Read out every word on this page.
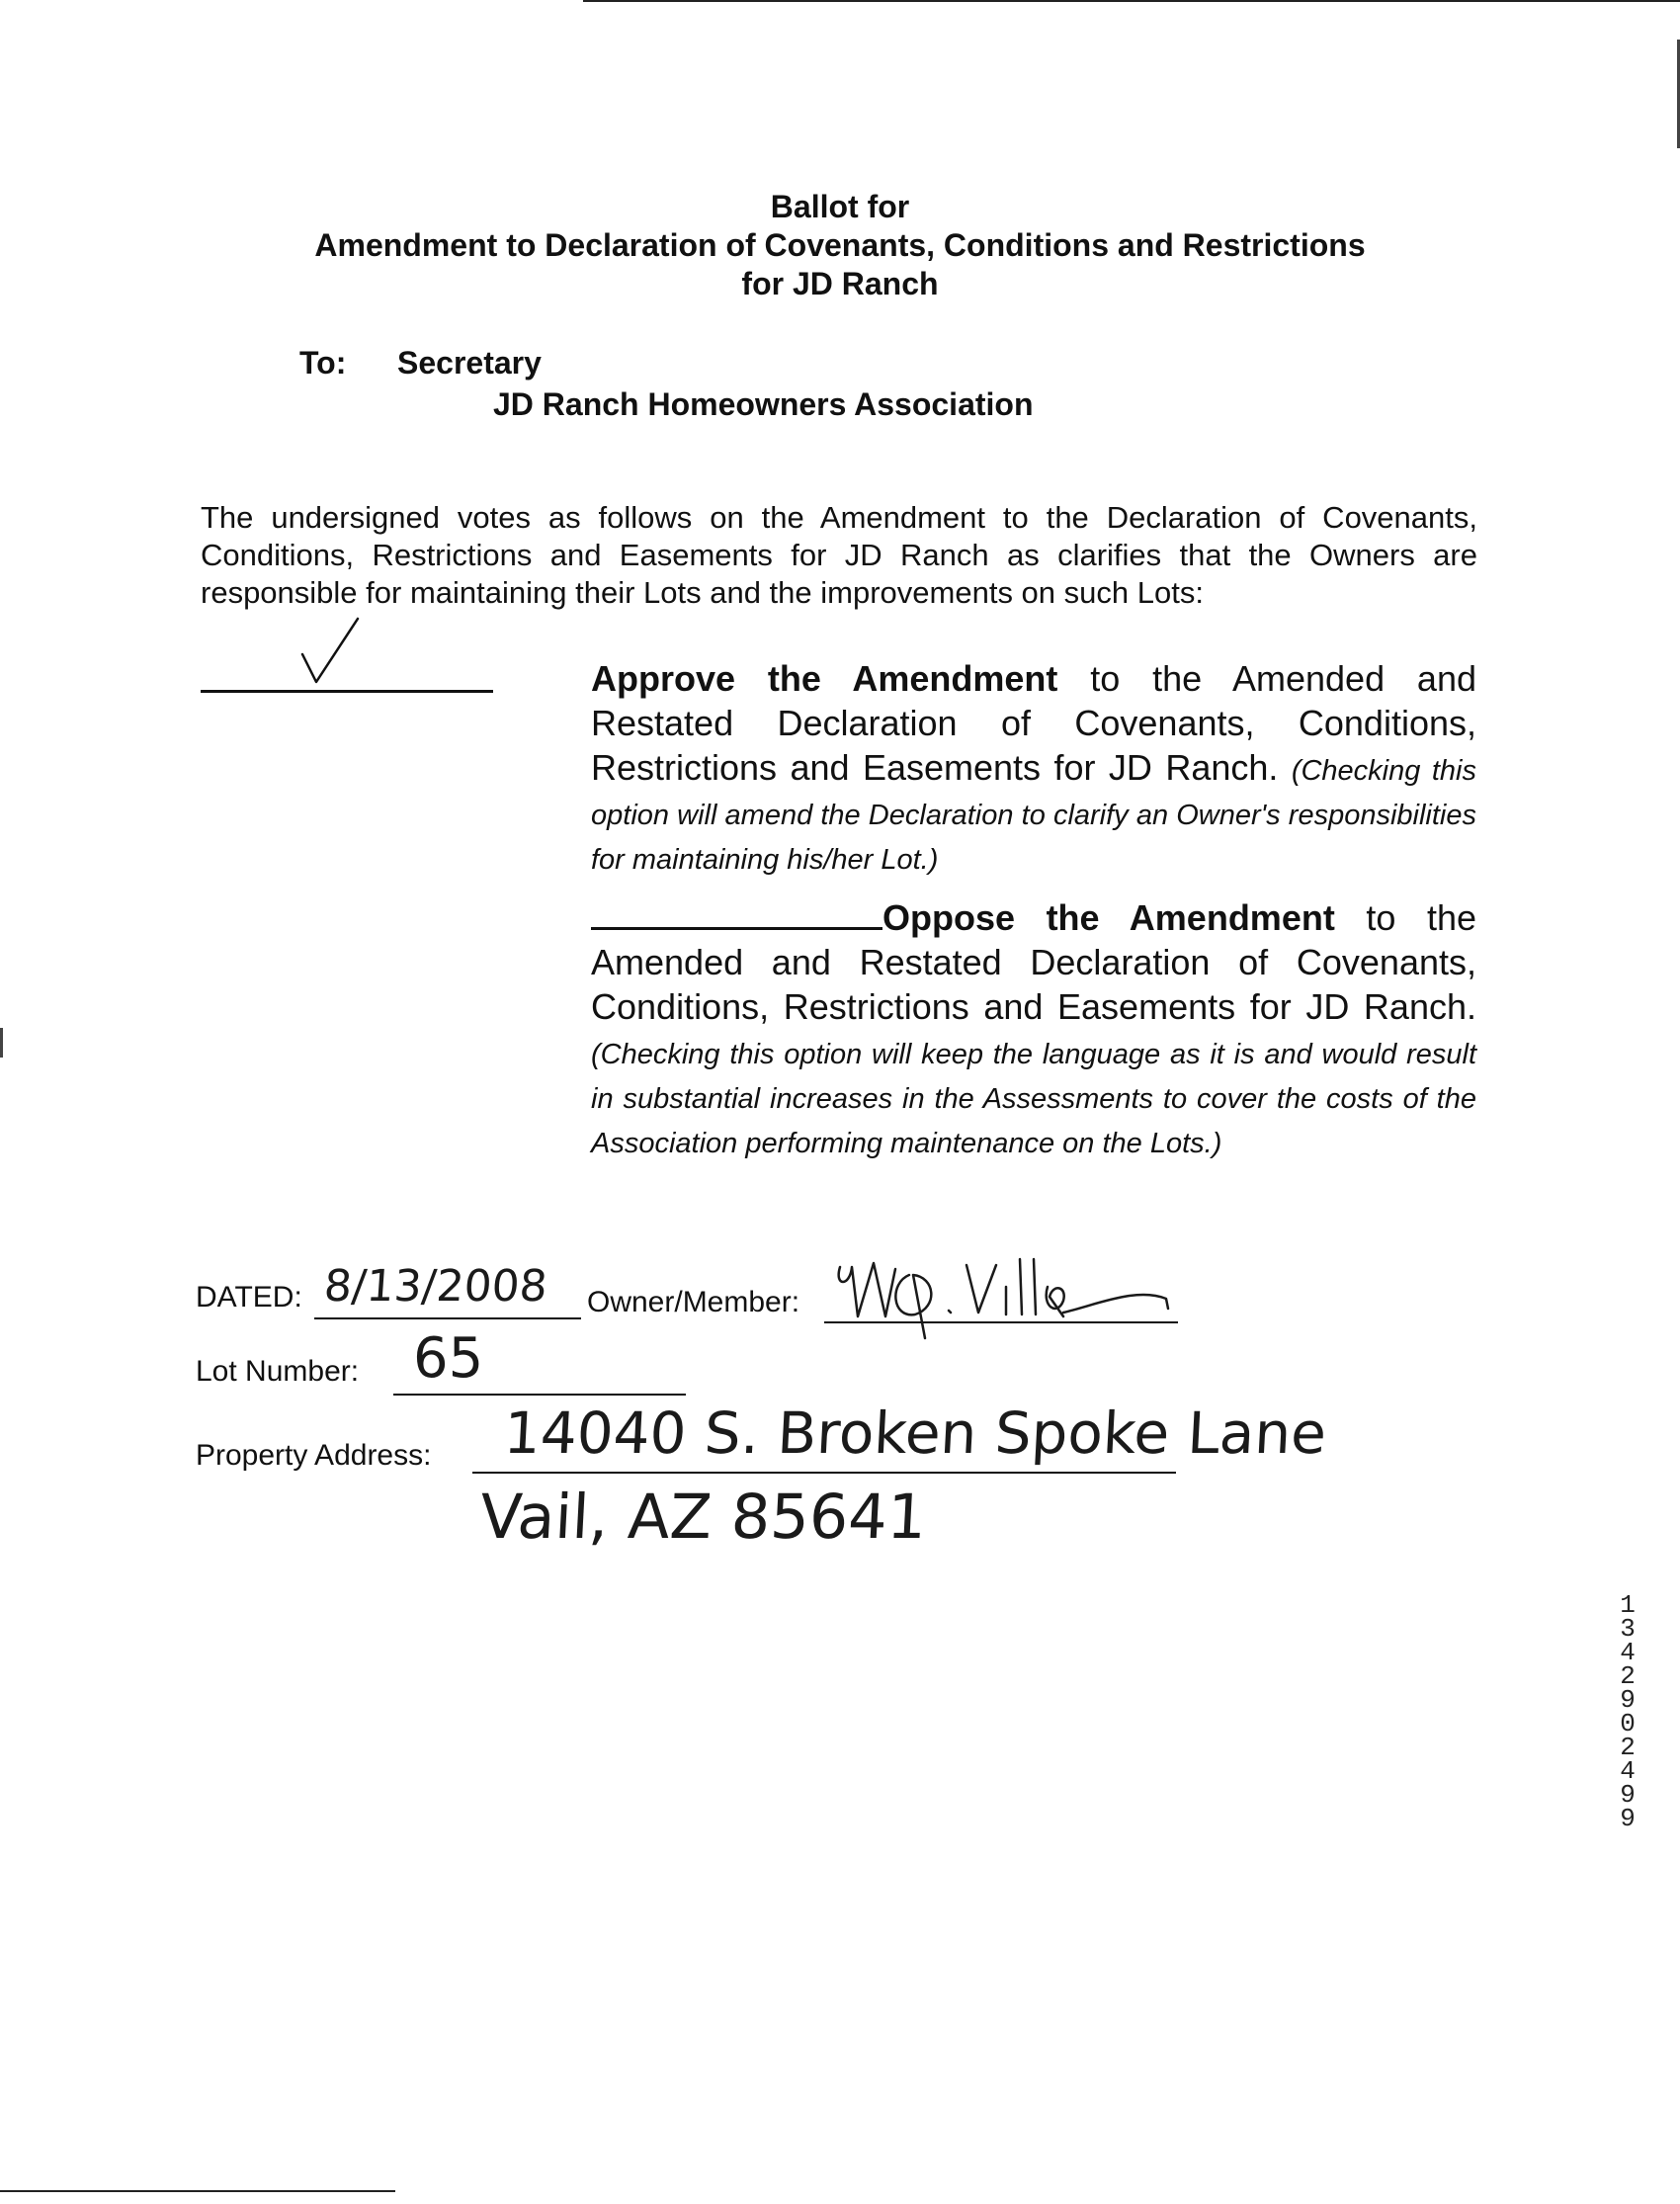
Ballot for
Amendment to Declaration of Covenants, Conditions and Restrictions
for JD Ranch
To:	Secretary
JD Ranch Homeowners Association

The undersigned votes as follows on the Amendment to the Declaration of Covenants, Conditions, Restrictions and Easements for JD Ranch as clarifies that the Owners are responsible for maintaining their Lots and the improvements on such Lots:

Approve the Amendment to the Amended and Restated Declaration of Covenants, Conditions, Restrictions and Easements for JD Ranch. (Checking this option will amend the Declaration to clarify an Owner's responsibilities for maintaining his/her Lot.)
Oppose the Amendment to the Amended and Restated Declaration of Covenants, Conditions, Restrictions and Easements for JD Ranch. (Checking this option will keep the language as it is and would result in substantial increases in the Assessments to cover the costs of the Association performing maintenance on the Lots.)
DATED: 8/13/2008 Owner/Member:
Lot Number: 65
Property Address: 14040 S. Broken Spoke Lane
Vail, AZ 85641
13429 02499
